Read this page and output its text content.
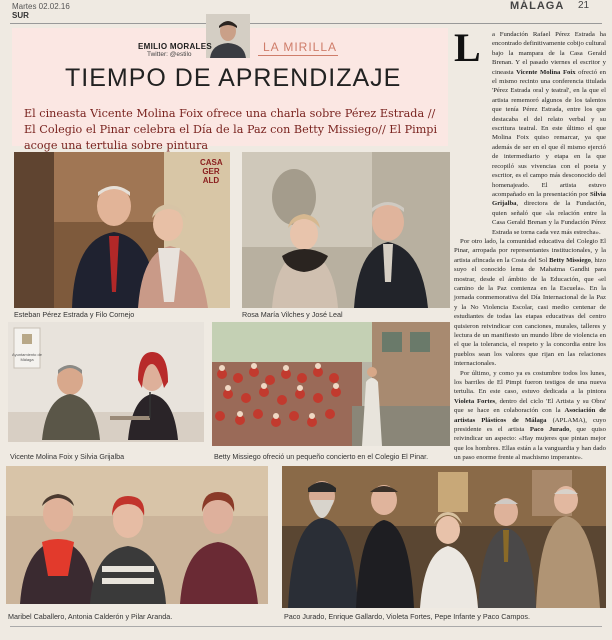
Martes 02.02.16
SUR
MÁLAGA 21
EMILIO MORALES
Twitter: @estilo
LA MIRILLA
TIEMPO DE APRENDIZAJE
El cineasta Vicente Molina Foix ofrece una charla sobre Pérez Estrada // El Colegio el Pinar celebra el Día de la Paz con Betty Missiego// El Pimpi acoge una tertulia sobre pintura
CASA GER ALD
Esteban Pérez Estrada y Filo Cornejo	Rosa María Vilches y José Leal
Ayuntamiento de Málaga
Vicente Molina Foix y Silvia Grijalba	Betty Missiego ofreció un pequeño concierto en el Colegio El Pinar.
Maribel Caballero, Antonia Calderón y Pilar Aranda.	Paco Jurado, Enrique Gallardo, Violeta Fortes, Pepe Infante y Paco Campos.
L	a Fundación Rafael Pérez Estrada ha encontrado definitivamente cobijo cultural bajo la mampara de la Casa Gerald Brenan. Y el pasado viernes el escritor y cineasta Vicente Molina Foix ofreció en el mismo recinto una conferencia titulada 'Pérez Estrada oral y teatral', en la que el artista rememoró algunos de los talentos que tenía Pérez Estrada, entre los que destacaba el del relato verbal y su escritura teatral. En este último el que Molina Foix quiso remarcar, ya que además de ser en el que él mismo ejerció de intermediario y etapa en la que recopiló sus vivencias con el poeta y escritor, es el campo más desconocido del homenajeado. El artista estuvo acompañado en la presentación por Silvia Grijalba, directora de la Fundación, quien señaló que «la relación entre la Casa Gerald Brenan y la Fundación Pérez Estrada se torna cada vez más estrecha».

Por otro lado, la comunidad educativa del Colegio El Pinar, arropada por representantes institucionales, y la artista afincada en la Costa del Sol Betty Missiego, hizo suyo el conocido lema de Mahatma Gandhi para mostrar, desde el ámbito de la Educación, que «el camino de la Paz comienza en la Escuela». En la jornada conmemorativa del Día Internacional de la Paz y la No Violencia Escolar, casi medio centenar de estudiantes de todas las etapas educativas del centro quisieron reivindicar con canciones, murales, talleres y lectura de un manifiesto un mundo libre de violencia en el que la tolerancia, el respeto y la concordia entre los pueblos sean los valores que rijan en las relaciones internacionales.

Por último, y como ya es costumbre todos los lunes, los barriles de El Pimpi fueron testigos de una nueva tertulia. En este caso, estuvo dedicada a la pintora Violeta Fortes, dentro del ciclo 'El Artista y su Obra' que se hace en colaboración con la Asociación de artistas Plásticos de Málaga (APLAMA), cuyo presidente es el artista Paco Jurado, que quiso reivindicar un aspecto: «Hay mujeres que pintan mejor que los hombres. Ellas están a la vanguardia y han dado un paso enorme frente al machismo imperante».
